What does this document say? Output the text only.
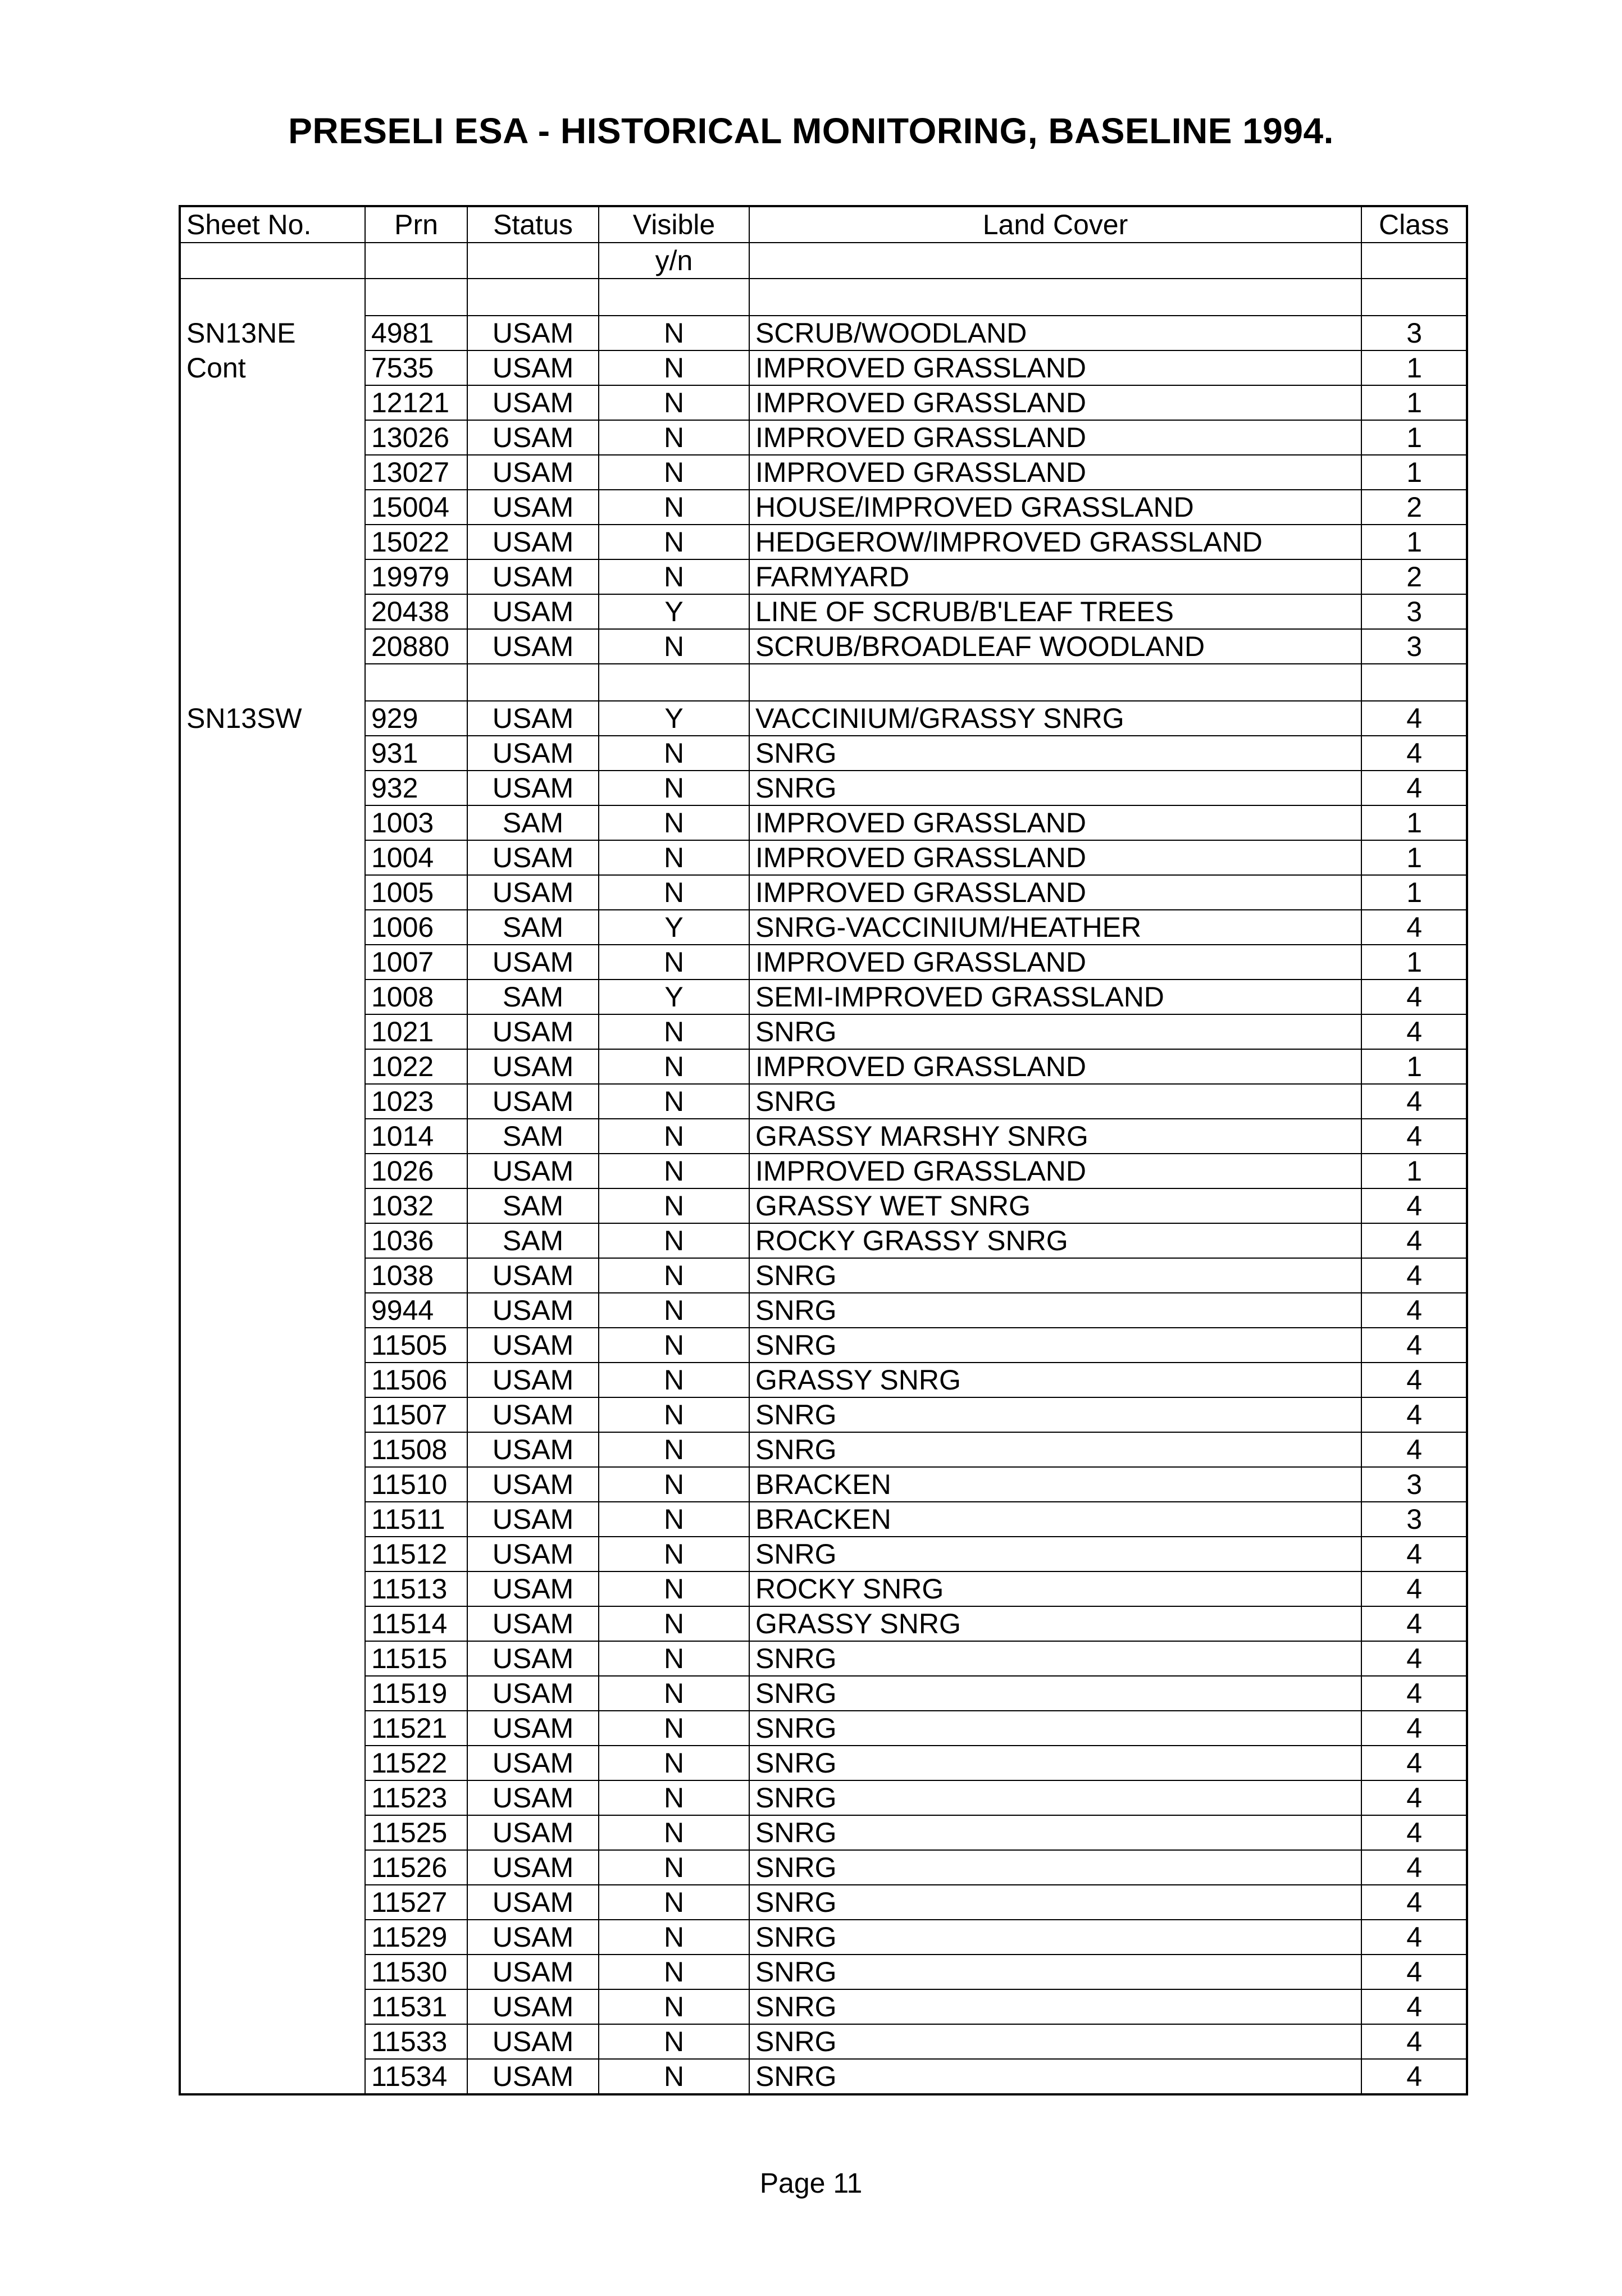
PRESELI ESA - HISTORICAL MONITORING, BASELINE 1994.
Sheet No.	Prn	Status	Visible	Land Cover	Class
			y/n		

SN13NE	4981	USAM	N	SCRUB/WOODLAND	3
Cont	7535	USAM	N	IMPROVED GRASSLAND	1
	12121	USAM	N	IMPROVED GRASSLAND	1
	13026	USAM	N	IMPROVED GRASSLAND	1
	13027	USAM	N	IMPROVED GRASSLAND	1
	15004	USAM	N	HOUSE/IMPROVED GRASSLAND	2
	15022	USAM	N	HEDGEROW/IMPROVED GRASSLAND	1
	19979	USAM	N	FARMYARD	2
	20438	USAM	Y	LINE OF SCRUB/B'LEAF TREES	3
	20880	USAM	N	SCRUB/BROADLEAF WOODLAND	3

SN13SW	929	USAM	Y	VACCINIUM/GRASSY SNRG	4
	931	USAM	N	SNRG	4
	932	USAM	N	SNRG	4
	1003	SAM	N	IMPROVED GRASSLAND	1
	1004	USAM	N	IMPROVED GRASSLAND	1
	1005	USAM	N	IMPROVED GRASSLAND	1
	1006	SAM	Y	SNRG-VACCINIUM/HEATHER	4
	1007	USAM	N	IMPROVED GRASSLAND	1
	1008	SAM	Y	SEMI-IMPROVED GRASSLAND	4
	1021	USAM	N	SNRG	4
	1022	USAM	N	IMPROVED GRASSLAND	1
	1023	USAM	N	SNRG	4
	1014	SAM	N	GRASSY MARSHY SNRG	4
	1026	USAM	N	IMPROVED GRASSLAND	1
	1032	SAM	N	GRASSY WET SNRG	4
	1036	SAM	N	ROCKY GRASSY SNRG	4
	1038	USAM	N	SNRG	4
	9944	USAM	N	SNRG	4
	11505	USAM	N	SNRG	4
	11506	USAM	N	GRASSY SNRG	4
	11507	USAM	N	SNRG	4
	11508	USAM	N	SNRG	4
	11510	USAM	N	BRACKEN	3
	11511	USAM	N	BRACKEN	3
	11512	USAM	N	SNRG	4
	11513	USAM	N	ROCKY SNRG	4
	11514	USAM	N	GRASSY SNRG	4
	11515	USAM	N	SNRG	4
	11519	USAM	N	SNRG	4
	11521	USAM	N	SNRG	4
	11522	USAM	N	SNRG	4
	11523	USAM	N	SNRG	4
	11525	USAM	N	SNRG	4
	11526	USAM	N	SNRG	4
	11527	USAM	N	SNRG	4
	11529	USAM	N	SNRG	4
	11530	USAM	N	SNRG	4
	11531	USAM	N	SNRG	4
	11533	USAM	N	SNRG	4
	11534	USAM	N	SNRG	4
Page 11
